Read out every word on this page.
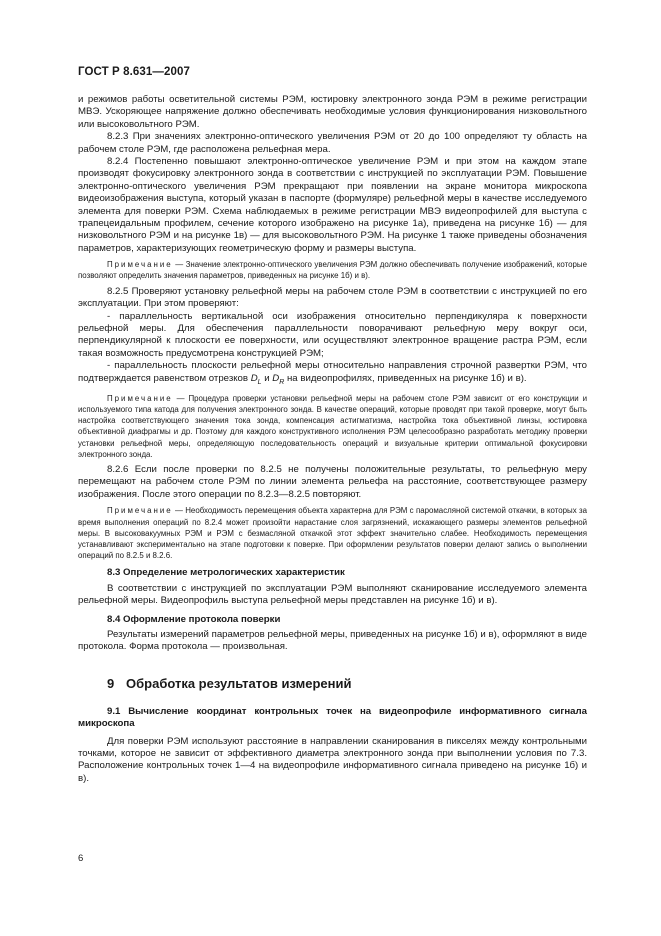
ГОСТ Р 8.631—2007

и режимов работы осветительной системы РЭМ, юстировку электронного зонда РЭМ в режиме регистрации МВЭ. Ускоряющее напряжение должно обеспечивать необходимые условия функционирования низковольтного или высоковольтного РЭМ.

8.2.3 При значениях электронно-оптического увеличения РЭМ от 20 до 100 определяют ту область на рабочем столе РЭМ, где расположена рельефная мера.

8.2.4 Постепенно повышают электронно-оптическое увеличение РЭМ и при этом на каждом этапе производят фокусировку электронного зонда в соответствии с инструкцией по эксплуатации РЭМ. Повышение электронно-оптического увеличения РЭМ прекращают при появлении на экране монитора микроскопа видеоизображения выступа, который указан в паспорте (формуляре) рельефной меры в качестве исследуемого элемента для поверки РЭМ. Схема наблюдаемых в режиме регистрации МВЭ видеопрофилей для выступа с трапецеидальным профилем, сечение которого изображено на рисунке 1а), приведена на рисунке 1б) — для низковольтного РЭМ и на рисунке 1в) — для высоковольтного РЭМ. На рисунке 1 также приведены обозначения параметров, характеризующих геометрическую форму и размеры выступа.

Примечание — Значение электронно-оптического увеличения РЭМ должно обеспечивать получение изображений, которые позволяют определить значения параметров, приведенных на рисунке 1б) и в).

8.2.5 Проверяют установку рельефной меры на рабочем столе РЭМ в соответствии с инструкцией по его эксплуатации. При этом проверяют:

- параллельность вертикальной оси изображения относительно перпендикуляра к поверхности рельефной меры. Для обеспечения параллельности поворачивают рельефную меру вокруг оси, перпендикулярной к плоскости ее поверхности, или осуществляют электронное вращение растра РЭМ, если такая возможность предусмотрена конструкцией РЭМ;

- параллельность плоскости рельефной меры относительно направления строчной развертки РЭМ, что подтверждается равенством отрезков $D_L$ и $D_R$ на видеопрофилях, приведенных на рисунке 1б) и в).

Примечание — Процедура проверки установки рельефной меры на рабочем столе РЭМ зависит от его конструкции и используемого типа катода для получения электронного зонда. В качестве операций, которые проводят при такой проверке, могут быть настройка соответствующего значения тока зонда, компенсация астигматизма, настройка тока объективной линзы, юстировка объективной диафрагмы и др. Поэтому для каждого конструктивного исполнения РЭМ целесообразно разработать методику проверки установки рельефной меры, определяющую последовательность операций и визуальные критерии оптимальной фокусировки электронного зонда.

8.2.6 Если после проверки по 8.2.5 не получены положительные результаты, то рельефную меру перемещают на рабочем столе РЭМ по линии элемента рельефа на расстояние, соответствующее размеру изображения. После этого операции по 8.2.3—8.2.5 повторяют.

Примечание — Необходимость перемещения объекта характерна для РЭМ с паромасляной системой откачки, в которых за время выполнения операций по 8.2.4 может произойти нарастание слоя загрязнений, искажающего размеры элементов рельефной меры. В высоковакуумных РЭМ и РЭМ с безмасляной откачкой этот эффект значительно слабее. Необходимость перемещения устанавливают экспериментально на этапе подготовки к поверке. При оформлении результатов поверки делают запись о выполнении операций по 8.2.5 и 8.2.6.

8.3 Определение метрологических характеристик

В соответствии с инструкцией по эксплуатации РЭМ выполняют сканирование исследуемого элемента рельефной меры. Видеопрофиль выступа рельефной меры представлен на рисунке 1б) и в).

8.4 Оформление протокола поверки

Результаты измерений параметров рельефной меры, приведенных на рисунке 1б) и в), оформляют в виде протокола. Форма протокола — произвольная.

9 Обработка результатов измерений

9.1 Вычисление координат контрольных точек на видеопрофиле информативного сигнала микроскопа

Для поверки РЭМ используют расстояние в направлении сканирования в пикселях между контрольными точками, которое не зависит от эффективного диаметра электронного зонда при выполнении условия по 7.3. Расположение контрольных точек 1—4 на видеопрофиле информативного сигнала приведено на рисунке 1б) и в).

6
